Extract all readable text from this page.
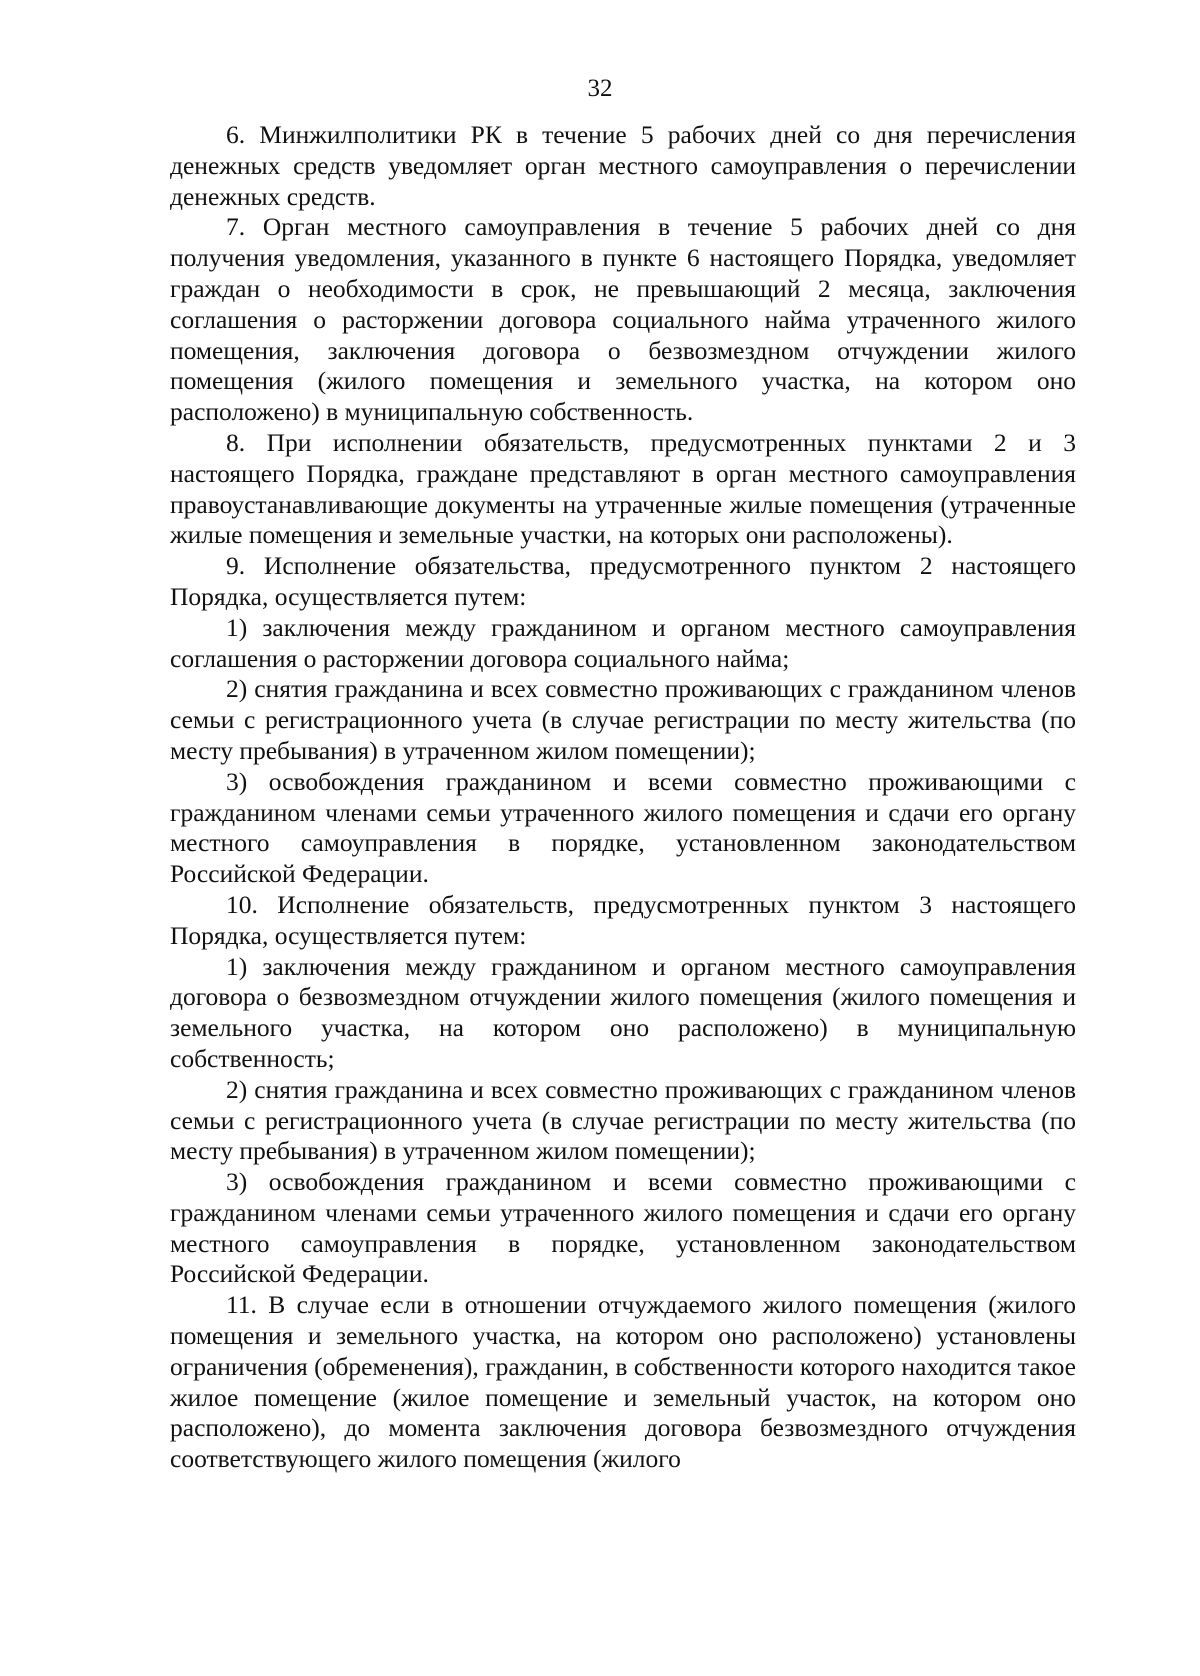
32

6. Минжилполитики РК в течение 5 рабочих дней со дня перечисления денежных средств уведомляет орган местного самоуправления о перечислении денежных средств.

7. Орган местного самоуправления в течение 5 рабочих дней со дня получения уведомления, указанного в пункте 6 настоящего Порядка, уведомляет граждан о необходимости в срок, не превышающий 2 месяца, заключения соглашения о расторжении договора социального найма утраченного жилого помещения, заключения договора о безвозмездном отчуждении жилого помещения (жилого помещения и земельного участка, на котором оно расположено) в муниципальную собственность.

8. При исполнении обязательств, предусмотренных пунктами 2 и 3 настоящего Порядка, граждане представляют в орган местного самоуправления правоустанавливающие документы на утраченные жилые помещения (утраченные жилые помещения и земельные участки, на которых они расположены).

9. Исполнение обязательства, предусмотренного пунктом 2 настоящего Порядка, осуществляется путем:

1) заключения между гражданином и органом местного самоуправления соглашения о расторжении договора социального найма;

2) снятия гражданина и всех совместно проживающих с гражданином членов семьи с регистрационного учета (в случае регистрации по месту жительства (по месту пребывания) в утраченном жилом помещении);

3) освобождения гражданином и всеми совместно проживающими с гражданином членами семьи утраченного жилого помещения и сдачи его органу местного самоуправления в порядке, установленном законодательством Российской Федерации.

10. Исполнение обязательств, предусмотренных пунктом 3 настоящего Порядка, осуществляется путем:

1) заключения между гражданином и органом местного самоуправления договора о безвозмездном отчуждении жилого помещения (жилого помещения и земельного участка, на котором оно расположено) в муниципальную собственность;

2) снятия гражданина и всех совместно проживающих с гражданином членов семьи с регистрационного учета (в случае регистрации по месту жительства (по месту пребывания) в утраченном жилом помещении);

3) освобождения гражданином и всеми совместно проживающими с гражданином членами семьи утраченного жилого помещения и сдачи его органу местного самоуправления в порядке, установленном законодательством Российской Федерации.

11. В случае если в отношении отчуждаемого жилого помещения (жилого помещения и земельного участка, на котором оно расположено) установлены ограничения (обременения), гражданин, в собственности которого находится такое жилое помещение (жилое помещение и земельный участок, на котором оно расположено), до момента заключения договора безвозмездного отчуждения соответствующего жилого помещения (жилого
